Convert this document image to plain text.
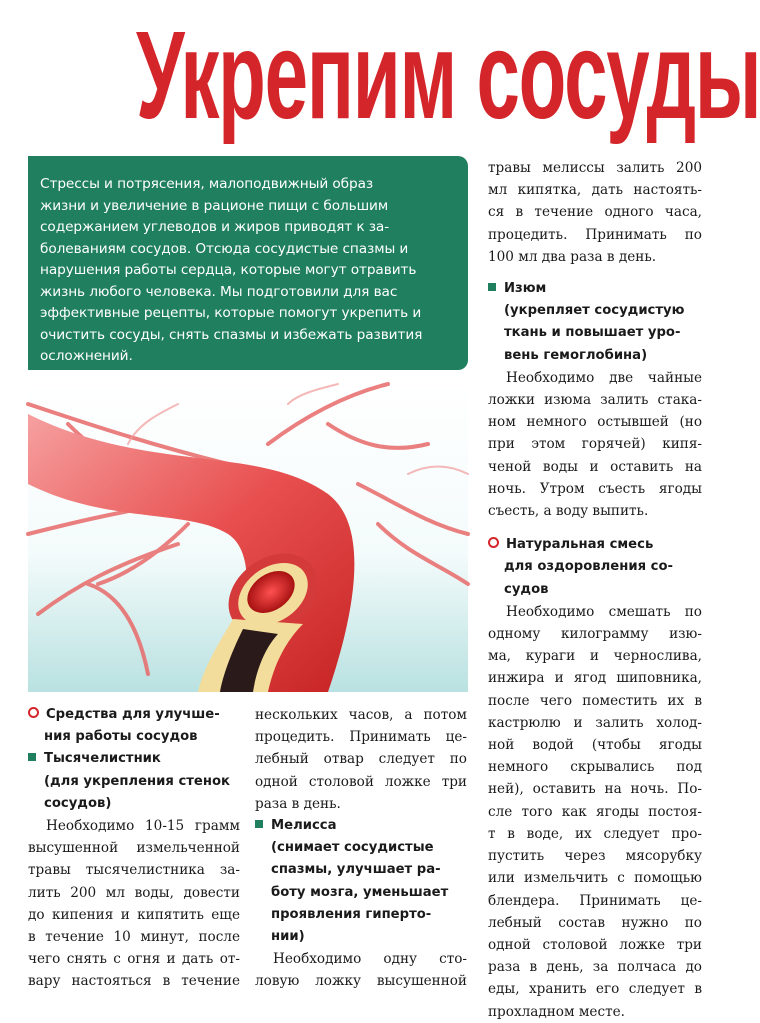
Укрепим сосуды
Стрессы и потрясения, малоподвижный образ
жизни и увеличение в рационе пищи с большим
содержанием углеводов и жиров приводят к за-
болеваниям сосудов. Отсюда сосудистые спазмы и
нарушения работы сердца, которые могут отравить
жизнь любого человека. Мы подготовили для вас
эффективные рецепты, которые помогут укрепить и
очистить сосуды, снять спазмы и избежать развития
осложнений.
Средства для улучше-
ния работы сосудов
Тысячелистник
(для укрепления стенок
сосудов)
Необходимо 10-15 грамм
высушенной измельченной
травы тысячелистника за-
лить 200 мл воды, довести
до кипения и кипятить еще
в течение 10 минут, после
чего снять с огня и дать от-
вару настояться в течение
нескольких часов, а потом
процедить. Принимать це-
лебный отвар следует по
одной столовой ложке три
раза в день.
Мелисса
(снимает сосудистые
спазмы, улучшает ра-
боту мозга, уменьшает
проявления гиперто-
нии)
Необходимо одну сто-
ловую ложку высушенной
травы мелиссы залить 200
мл кипятка, дать настоять-
ся в течение одного часа,
процедить. Принимать по
100 мл два раза в день.
Изюм
(укрепляет сосудистую
ткань и повышает уро-
вень гемоглобина)
Необходимо две чайные
ложки изюма залить стака-
ном немного остывшей (но
при этом горячей) кипя-
ченой воды и оставить на
ночь. Утром съесть ягоды
съесть, а воду выпить.
Натуральная смесь
для оздоровления со-
судов
Необходимо смешать по
одному килограмму изю-
ма, кураги и чернослива,
инжира и ягод шиповника,
после чего поместить их в
кастрюлю и залить холод-
ной водой (чтобы ягоды
немного скрывались под
ней), оставить на ночь. По-
сле того как ягоды постоя-
т в воде, их следует про-
пустить через мясорубку
или измельчить с помощью
блендера. Принимать це-
лебный состав нужно по
одной столовой ложке три
раза в день, за полчаса до
еды, хранить его следует в
прохладном месте.
